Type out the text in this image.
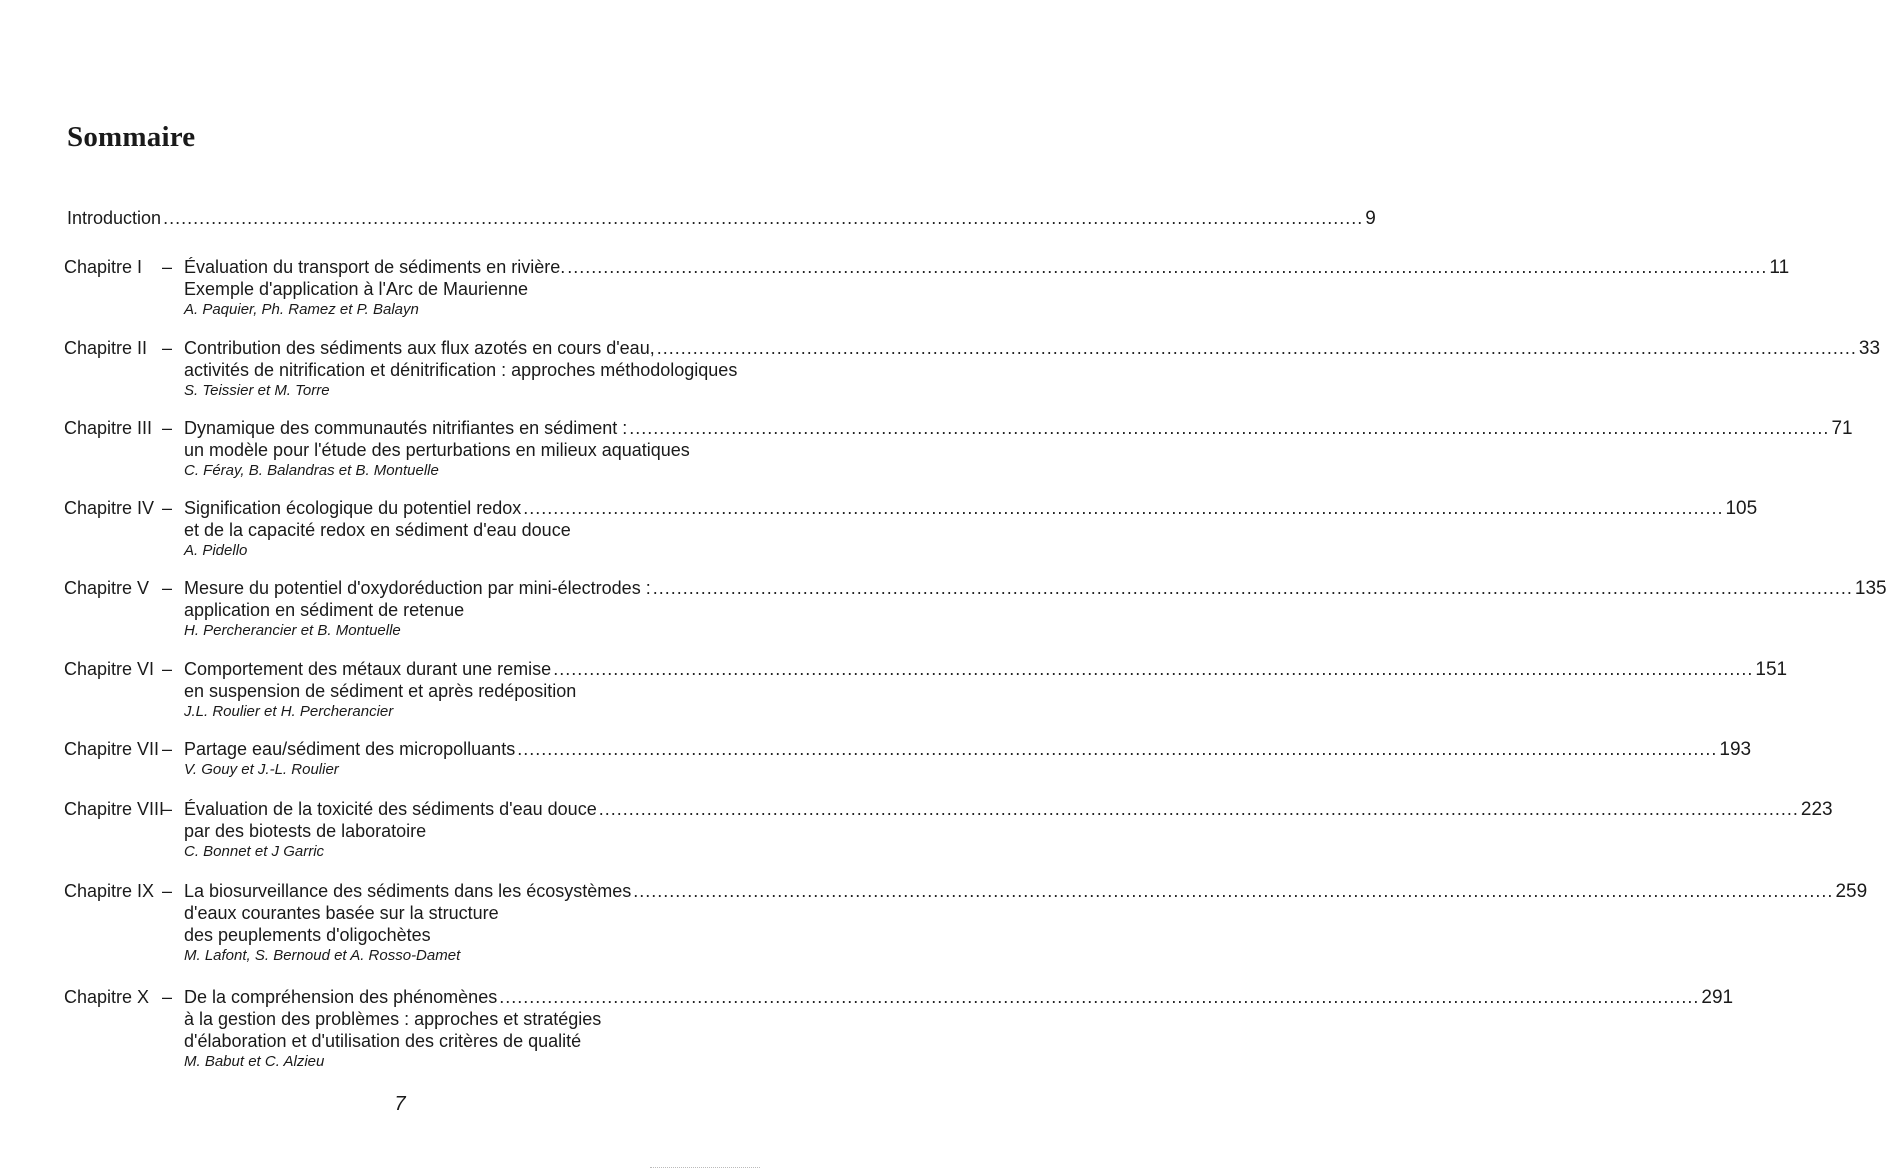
Sommaire
Introduction ........................................................................................................................................................................................................ 9
Chapitre I – Évaluation du transport de sédiments en rivière. ........................................................................................................................................................................................................ 11
Exemple d'application à l'Arc de Maurienne
A. Paquier, Ph. Ramez et P. Balayn
Chapitre II – Contribution des sédiments aux flux azotés en cours d'eau, ........................................................................................................................................................................................................ 33
activités de nitrification et dénitrification : approches méthodologiques
S. Teissier et M. Torre
Chapitre III – Dynamique des communautés nitrifiantes en sédiment : ........................................................................................................................................................................................................ 71
un modèle pour l'étude des perturbations en milieux aquatiques
C. Féray, B. Balandras et B. Montuelle
Chapitre IV – Signification écologique du potentiel redox ........................................................................................................................................................................................................ 105
et de la capacité redox en sédiment d'eau douce
A. Pidello
Chapitre V – Mesure du potentiel d'oxydoréduction par mini-électrodes : ........................................................................................................................................................................................................ 135
application en sédiment de retenue
H. Percherancier et B. Montuelle
Chapitre VI – Comportement des métaux durant une remise ........................................................................................................................................................................................................ 151
en suspension de sédiment et après redéposition
J.L. Roulier et H. Percherancier
Chapitre VII – Partage eau/sédiment des micropolluants ........................................................................................................................................................................................................ 193
V. Gouy et J.-L. Roulier
Chapitre VIII
– Évaluation de la toxicité des sédiments d'eau douce ........................................................................................................................................................................................................ 223
par des biotests de laboratoire
C. Bonnet et J Garric
Chapitre IX – La biosurveillance des sédiments dans les écosystèmes ........................................................................................................................................................................................................ 259
d'eaux courantes basée sur la structure
des peuplements d'oligochètes
M. Lafont, S. Bernoud et A. Rosso-Damet
Chapitre X – De la compréhension des phénomènes ........................................................................................................................................................................................................ 291
à la gestion des problèmes : approches et stratégies
d'élaboration et d'utilisation des critères de qualité
M. Babut et C. Alzieu
7
